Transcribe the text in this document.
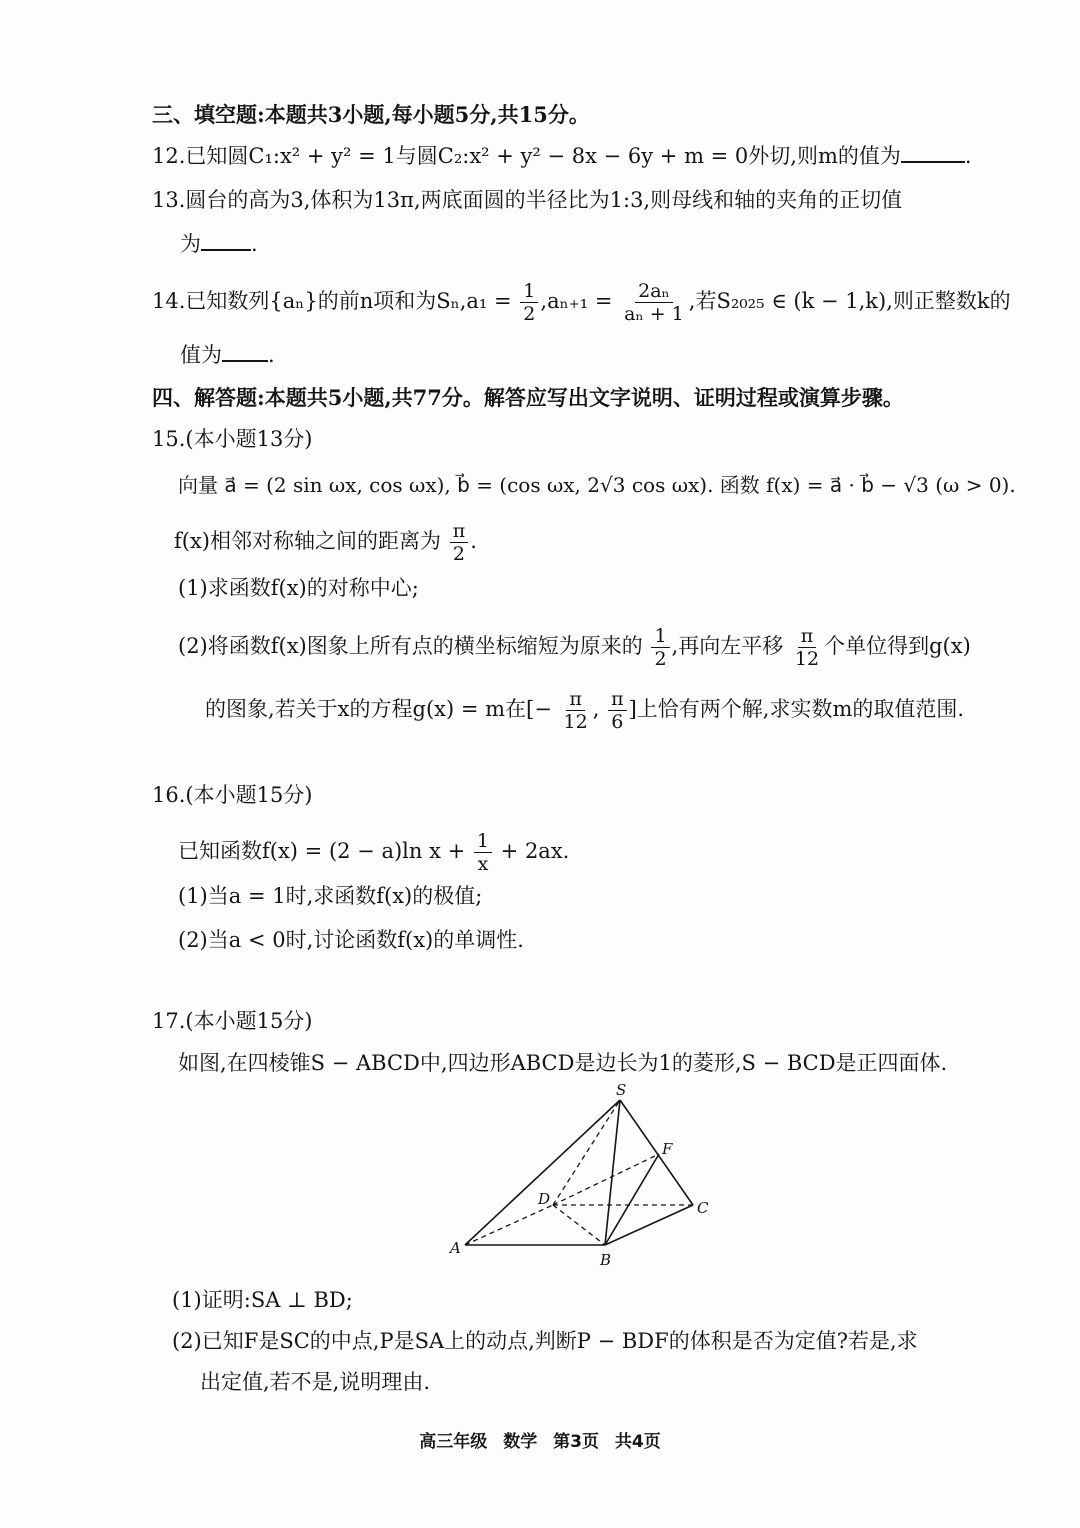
三、填空题:本题共3小题,每小题5分,共15分。
12.已知圆C₁:x² + y² = 1与圆C₂:x² + y² − 8x − 6y + m = 0外切,则m的值为	.
13.圆台的高为3,体积为13π,两底面圆的半径比为1:3,则母线和轴的夹角的正切值
为 .
14.已知数列{aₙ}的前n项和为$S_n,a_1 = \frac{1}{2} ,a_{n+1} = \frac{\text{2aₙ}}{\text{aₙ + 1}}$ ,若S₂₀₂₅ ∈ (k − 1,k),则正整数k的
值为 .
四、解答题:本题共5小题,共77分。解答应写出文字说明、证明过程或演算步骤。
15.(本小题13分)
向量 a⃗ = (2 sin ωx, cos ωx), b⃗ = (cos ωx, 2√3 cos ωx). 函数 f(x) = a⃗ · b⃗ − √3 (ω > 0).
f(x)相邻对称轴之间的距离为 $\frac{\pi}{2}$ .
(1)求函数f(x)的对称中心;
(2)将函数f(x)图象上所有点的横坐标缩短为原来的 $\frac{1}{2}$ ,再向左平移 $\frac{\pi}{12}$ 个单位得到g(x)
的图象,若关于x的方程g(x) = m在[− $\frac{\pi}{12}$ , $\frac{\pi}{6}$ ]上恰有两个解,求实数m的取值范围.
16.(本小题15分)
已知函数f(x) = (2 − a)ln $x + \frac{1}{x} + 2ax$.
(1)当a = 1时,求函数f(x)的极值;
(2)当a < 0时,讨论函数f(x)的单调性.
17.(本小题15分)
如图,在四棱锥S − ABCD中,四边形ABCD是边长为1的菱形,S − BCD是正四面体.
S
A
B
C
D
F
(1)证明:SA ⊥ BD;
(2)已知F是SC的中点,P是SA上的动点,判断P − BDF的体积是否为定值?若是,求
出定值,若不是,说明理由.
高三年级 数学 第3页 共4页
